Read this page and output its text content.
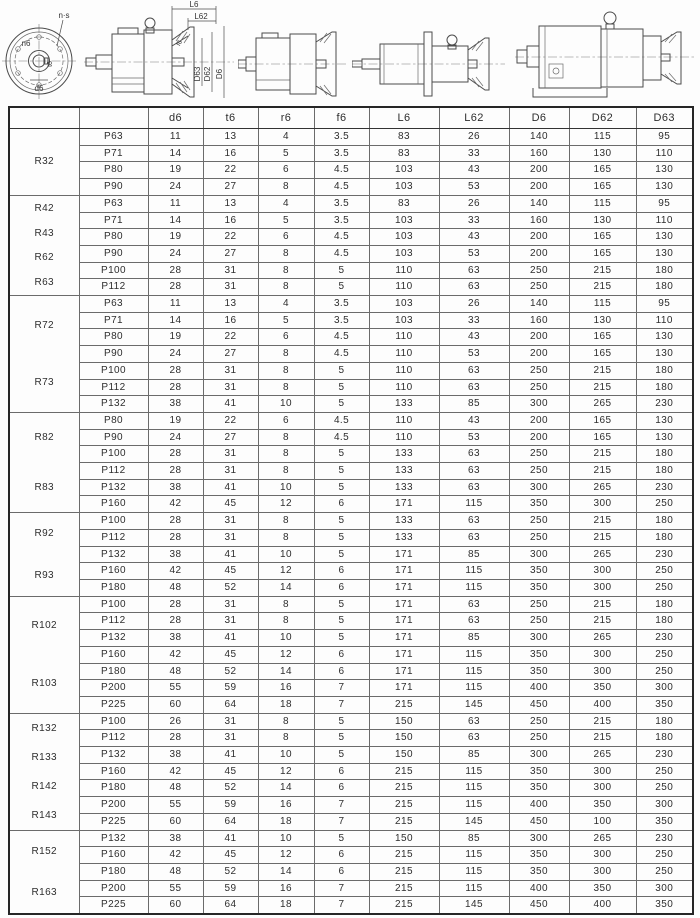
n·s
n6
d6
t6
L6
L62
f6
D63 D62 D6
		d6	t6	r6	f6	L6	L62	D6	D62	D63

R32	P63	11	13	4	3.5	83	26	140	115	95
	P71	14	16	5	3.5	83	33	160	130	110
	P80	19	22	6	4.5	103	43	200	165	130
	P90	24	27	8	4.5	103	53	200	165	130

R42
R43
R62
R63	P63	11	13	4	3.5	83	26	140	115	95
	P71	14	16	5	3.5	103	33	160	130	110
	P80	19	22	6	4.5	103	43	200	165	130
	P90	24	27	8	4.5	103	53	200	165	130
	P100	28	31	8	5	110	63	250	215	180
	P112	28	31	8	5	110	63	250	215	180

R72
R73	P63	11	13	4	3.5	103	26	140	115	95
	P71	14	16	5	3.5	103	33	160	130	110
	P80	19	22	6	4.5	110	43	200	165	130
	P90	24	27	8	4.5	110	53	200	165	130
	P100	28	31	8	5	110	63	250	215	180
	P112	28	31	8	5	110	63	250	215	180
	P132	38	41	10	5	133	85	300	265	230

R82
R83	P80	19	22	6	4.5	110	43	200	165	130
	P90	24	27	8	4.5	110	53	200	165	130
	P100	28	31	8	5	133	63	250	215	180
	P112	28	31	8	5	133	63	250	215	180
	P132	38	41	10	5	133	63	300	265	230
	P160	42	45	12	6	171	115	350	300	250

R92
R93	P100	28	31	8	5	133	63	250	215	180
	P112	28	31	8	5	133	63	250	215	180
	P132	38	41	10	5	171	85	300	265	230
	P160	42	45	12	6	171	115	350	300	250
	P180	48	52	14	6	171	115	350	300	250

R102
R103	P100	28	31	8	5	171	63	250	215	180
	P112	28	31	8	5	171	63	250	215	180
	P132	38	41	10	5	171	85	300	265	230
	P160	42	45	12	6	171	115	350	300	250
	P180	48	52	14	6	171	115	350	300	250
	P200	55	59	16	7	171	115	400	350	300
	P225	60	64	18	7	215	145	450	400	350

R132
R133
R142
R143	P100	26	31	8	5	150	63	250	215	180
	P112	28	31	8	5	150	63	250	215	180
	P132	38	41	10	5	150	85	300	265	230
	P160	42	45	12	6	215	115	350	300	250
	P180	48	52	14	6	215	115	350	300	250
	P200	55	59	16	7	215	115	400	350	300
	P225	60	64	18	7	215	145	450	100	350

R152
R163	P132	38	41	10	5	150	85	300	265	230
	P160	42	45	12	6	215	115	350	300	250
	P180	48	52	14	6	215	115	350	300	250
	P200	55	59	16	7	215	115	400	350	300
	P225	60	64	18	7	215	145	450	400	350
